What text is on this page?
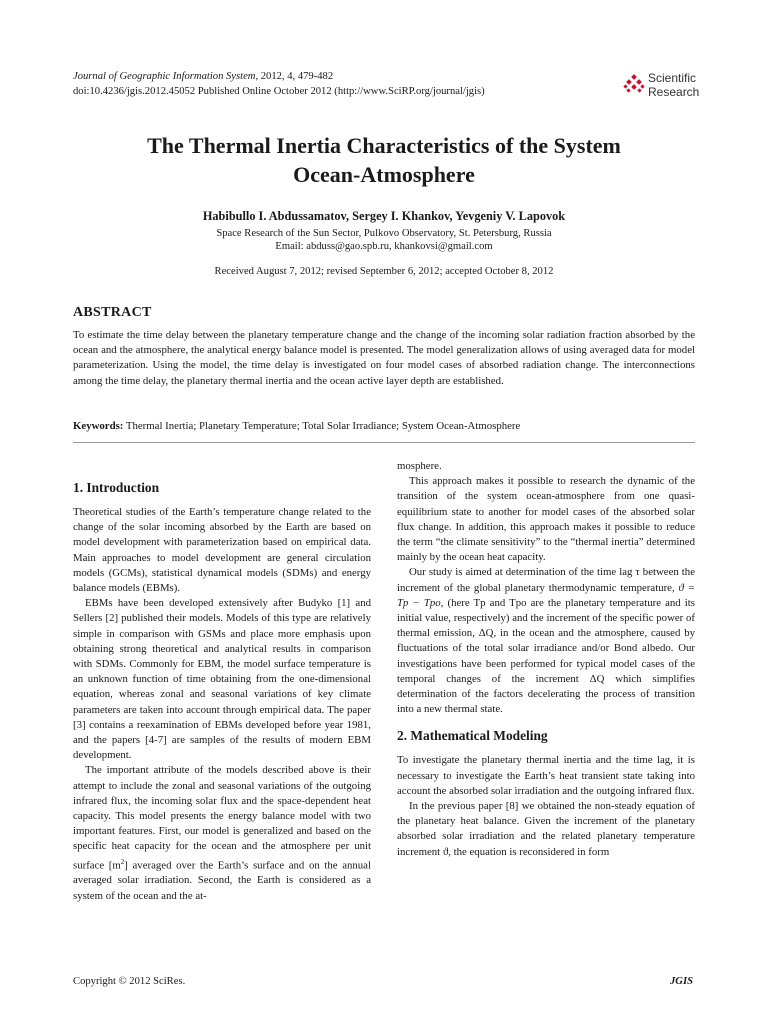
Journal of Geographic Information System, 2012, 4, 479-482
doi:10.4236/jgis.2012.45052 Published Online October 2012 (http://www.SciRP.org/journal/jgis)
Scientific
Research
The Thermal Inertia Characteristics of the System
Ocean-Atmosphere
Habibullo I. Abdussamatov, Sergey I. Khankov, Yevgeniy V. Lapovok
Space Research of the Sun Sector, Pulkovo Observatory, St. Petersburg, Russia
Email: abduss@gao.spb.ru, khankovsi@gmail.com
Received August 7, 2012; revised September 6, 2012; accepted October 8, 2012
ABSTRACT
To estimate the time delay between the planetary temperature change and the change of the incoming solar radiation fraction absorbed by the ocean and the atmosphere, the analytical energy balance model is presented. The model generalization allows of using averaged data for model parameterization. Using the model, the time delay is investigated on four model cases of absorbed radiation change. The interconnections among the time delay, the planetary thermal inertia and the ocean active layer depth are established.
Keywords: Thermal Inertia; Planetary Temperature; Total Solar Irradiance; System Ocean-Atmosphere
1. Introduction

Theoretical studies of the Earth’s temperature change related to the change of the solar incoming absorbed by the Earth are based on model development with parameterization based on empirical data. Main approaches to model development are general circulation models (GCMs), statistical dynamical models (SDMs) and energy balance models (EBMs).

EBMs have been developed extensively after Budyko [1] and Sellers [2] published their models. Models of this type are relatively simple in comparison with GSMs and place more emphasis upon obtaining strong theoretical and analytical results in comparison with SDMs. Commonly for EBM, the model surface temperature is an unknown function of time obtaining from the one-dimensional equation, whereas zonal and seasonal variations of key climate parameters are taken into account through empirical data. The paper [3] contains a reexamination of EBMs developed before year 1981, and the papers [4-7] are samples of the results of modern EBM development.

The important attribute of the models described above is their attempt to include the zonal and seasonal variations of the outgoing infrared flux, the incoming solar flux and the space-dependent heat capacity. This model presents the energy balance model with two important features. First, our model is generalized and based on the specific heat capacity for the ocean and the atmosphere per unit surface $[m^2]$ averaged over the Earth’s surface and on the annual averaged solar irradiation. Second, the Earth is considered as a system of the ocean and the at-

mosphere.

This approach makes it possible to research the dynamic of the transition of the system ocean-atmosphere from one quasi-equilibrium state to another for model cases of the absorbed solar flux change. In addition, this approach makes it possible to reduce the term “the climate sensitivity” to the “thermal inertia” determined mainly by the ocean heat capacity.

Our study is aimed at determination of the time lag τ between the increment of the global planetary thermodynamic temperature, ϑ = Tp − Tpo, (here Tp and Tpo are the planetary temperature and its initial value, respectively) and the increment of the specific power of thermal emission, ΔQ, in the ocean and the atmosphere, caused by fluctuations of the total solar irradiance and/or Bond albedo. Our investigations have been performed for typical model cases of the temporal changes of the increment ΔQ which simplifies determination of the factors decelerating the process of transition into a new thermal state.

2. Mathematical Modeling

To investigate the planetary thermal inertia and the time lag, it is necessary to investigate the Earth’s heat transient state taking into account the absorbed solar irradiation and the outgoing infrared flux.

In the previous paper [8] we obtained the non-steady equation of the planetary heat balance. Given the increment of the planetary absorbed solar irradiation and the related planetary temperature increment ϑ, the equation is reconsidered in form

Copyright © 2012 SciRes.	JGIS
